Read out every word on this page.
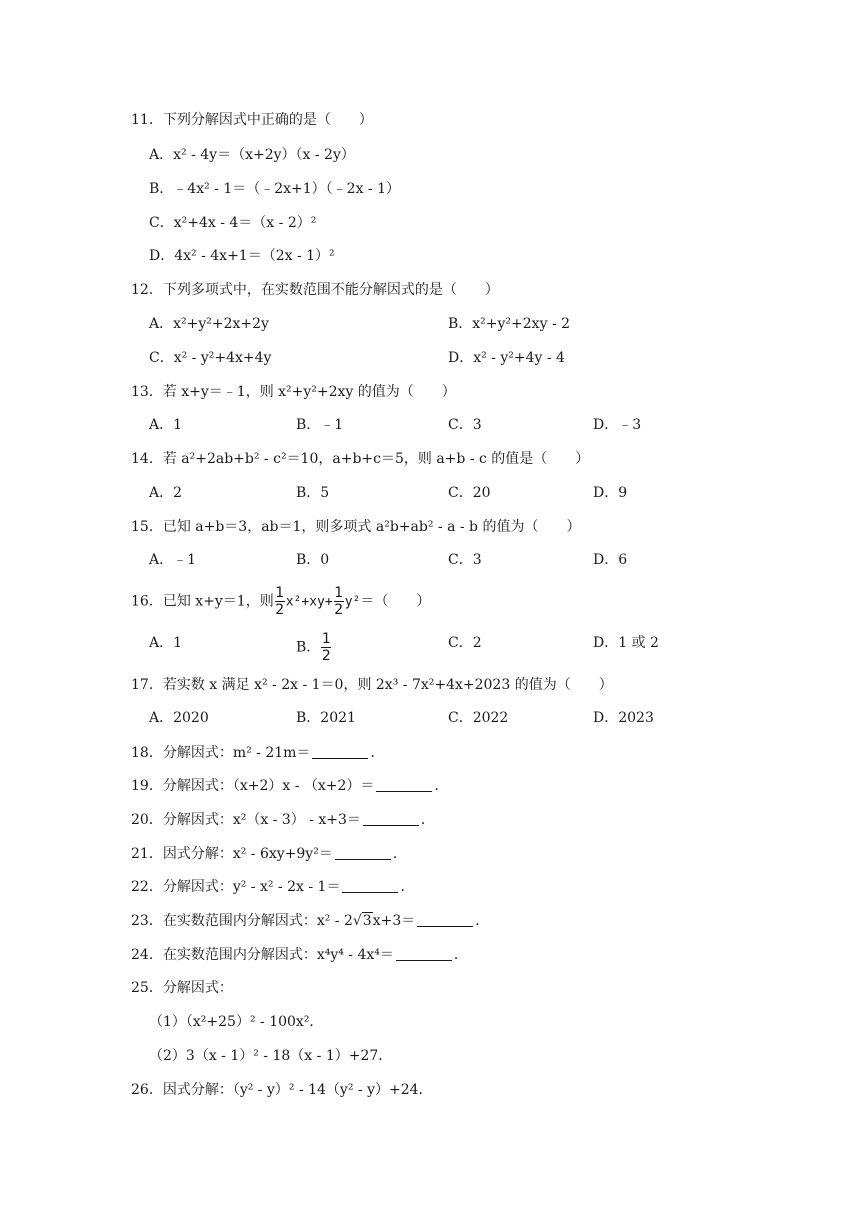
11．下列分解因式中正确的是（　　）
A．x² - 4y＝（x+2y）（x - 2y）
B．﹣4x² - 1＝（﹣2x+1）（﹣2x - 1）
C．x²+4x - 4＝（x - 2）²
D．4x² - 4x+1＝（2x - 1）²
12．下列多项式中，在实数范围不能分解因式的是（　　）
A．x²+y²+2x+2y	B．x²+y²+2xy - 2
C．x² - y²+4x+4y	D．x² - y²+4y - 4
13．若 x+y＝﹣1，则 x²+y²+2xy 的值为（　　）
A．1	B．﹣1	C．3	D．﹣3
14．若 a²+2ab+b² - c²＝10，a+b+c＝5，则 a+b - c 的值是（　　）
A．2	B．5	C．20	D．9
15．已知 a+b＝3，ab＝1，则多项式 a²b+ab² - a - b 的值为（　　）
A．﹣1	B．0	C．3	D．6
16．已知 x+y＝1，则 $\frac{1}{2} x^2+xy+ \frac{1}{2} y^2=$（　　）
A．1	B． $\frac{1}{2}$	C．2	D．1 或 2
17．若实数 x 满足 x² - 2x - 1＝0，则 2x³ - 7x²+4x+2023 的值为（　　）
A．2020	B．2021	C．2022	D．2023
18．分解因式：m² - 21m＝	．
19．分解因式：（x+2）x - （x+2）＝	．
20．分解因式：x²（x - 3） - x+3＝	．
21．因式分解：x² - 6xy+9y²＝	．
22．分解因式：y² - x² - 2x - 1＝	．
23．在实数范围内分解因式：x² - 2√3x+3＝	．
24．在实数范围内分解因式：x⁴y⁴ - 4x⁴＝	．
25．分解因式：
（1）（x²+25）² - 100x²．
（2）3（x - 1）² - 18（x - 1）+27．
26．因式分解：（y² - y）² - 14（y² - y）+24．
